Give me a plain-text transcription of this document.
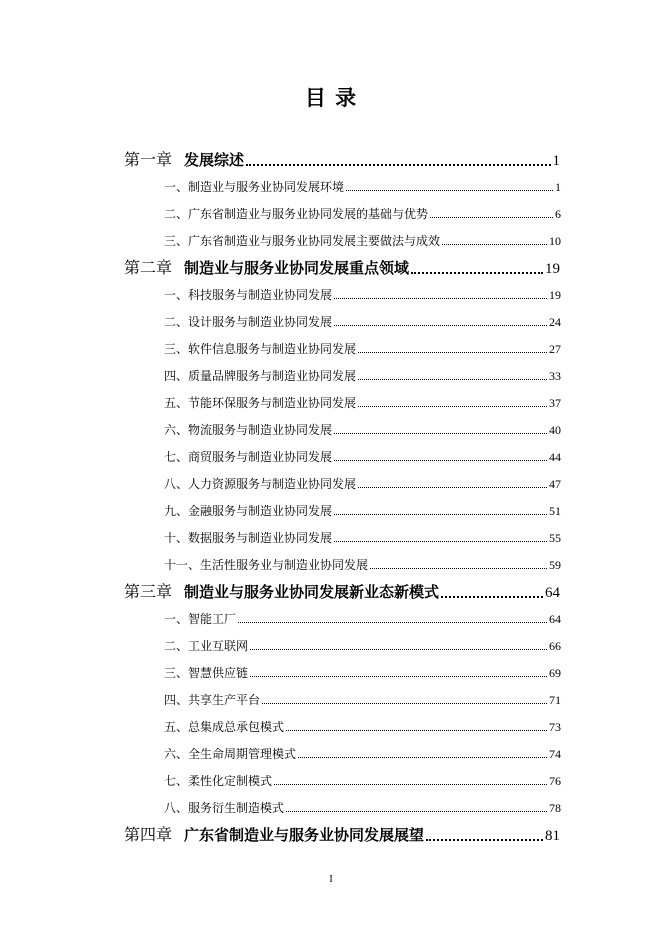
目 录
第一章 发展综述	1
一、制造业与服务业协同发展环境	1
二、广东省制造业与服务业协同发展的基础与优势	6
三、广东省制造业与服务业协同发展主要做法与成效	10
第二章 制造业与服务业协同发展重点领域	19
一、科技服务与制造业协同发展	19
二、设计服务与制造业协同发展	24
三、软件信息服务与制造业协同发展	27
四、质量品牌服务与制造业协同发展	33
五、节能环保服务与制造业协同发展	37
六、物流服务与制造业协同发展	40
七、商贸服务与制造业协同发展	44
八、人力资源服务与制造业协同发展	47
九、金融服务与制造业协同发展	51
十、数据服务与制造业协同发展	55
十一、生活性服务业与制造业协同发展	59
第三章 制造业与服务业协同发展新业态新模式	64
一、智能工厂	64
二、工业互联网	66
三、智慧供应链	69
四、共享生产平台	71
五、总集成总承包模式	73
六、全生命周期管理模式	74
七、柔性化定制模式	76
八、服务衍生制造模式	78
第四章 广东省制造业与服务业协同发展展望	81
I
